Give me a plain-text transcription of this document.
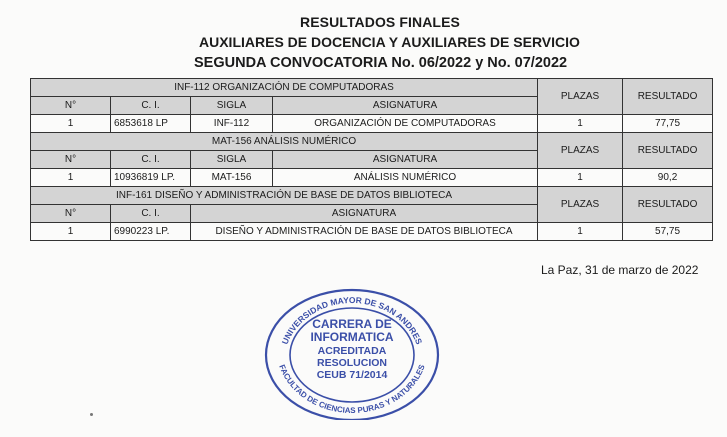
RESULTADOS FINALES
AUXILIARES DE DOCENCIA Y AUXILIARES DE SERVICIO
SEGUNDA CONVOCATORIA No. 06/2022 y No. 07/2022
INF-112 ORGANIZACIÓN DE COMPUTADORAS				PLAZAS	RESULTADO
N°	C. I.	SIGLA	ASIGNATURA		
1	6853618 LP	INF-112	ORGANIZACIÓN DE COMPUTADORAS	1	77,75
MAT-156 ANÁLISIS NUMÉRICO				PLAZAS	RESULTADO
N°	C. I.	SIGLA	ASIGNATURA		
1	10936819 LP.	MAT-156	ANÁLISIS NUMÉRICO	1	90,2
INF-161 DISEÑO Y ADMINISTRACIÓN DE BASE DE DATOS BIBLIOTECA				PLAZAS	RESULTADO
N°	C. I.	ASIGNATURA			
1	6990223 LP.	DISEÑO Y ADMINISTRACIÓN DE BASE DE DATOS BIBLIOTECA		1	57,75
La Paz, 31 de marzo de 2022
UNIVERSIDAD MAYOR DE SAN ANDRES
FACULTAD DE CIENCIAS PURAS Y NATURALES
CARRERA DE
INFORMATICA
ACREDITADA
RESOLUCION
CEUB 71/2014
